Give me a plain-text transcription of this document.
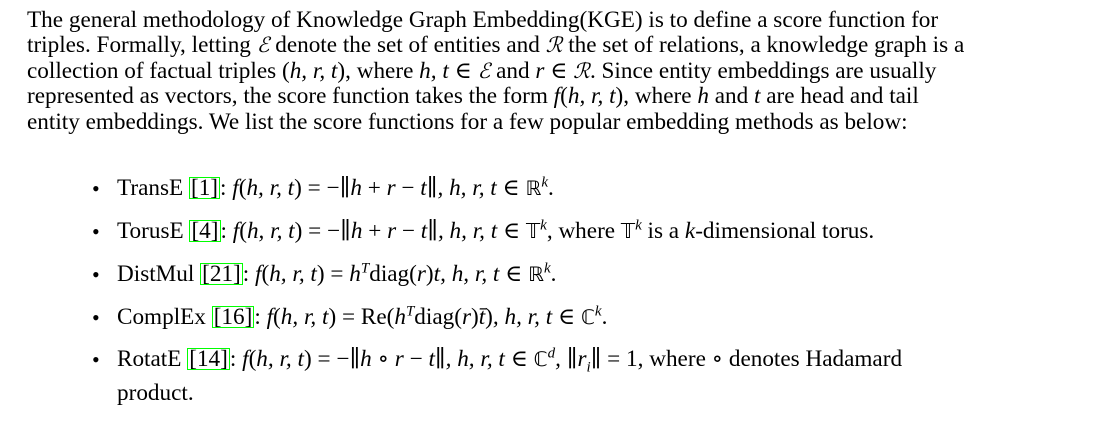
The general methodology of Knowledge Graph Embedding(KGE) is to define a score function for
triples. Formally, letting ℰ denote the set of entities and ℛ the set of relations, a knowledge graph is a
collection of factual triples (h, r, t), where h, t ∈ ℰ and r ∈ ℛ. Since entity embeddings are usually
represented as vectors, the score function takes the form f(h, r, t), where h and t are head and tail
entity embeddings. We list the score functions for a few popular embedding methods as below:

• TransE [1]: f(h, r, t) = −∥h + r − t∥, h, r, t ∈ ℝ$^k$.
• TorusE [4]: f(h, r, t) = −∥h + r − t∥, h, r, t ∈ 𝕋$^k$, where 𝕋$^k$ is a k-dimensional torus.
• DistMul [21]: f(h, r, $t) = h^Tdiag(r)t$, h, r, t ∈ ℝ$^k$.
• ComplEx [16]: f(h, r, $t) = Re(h^Tdiag(r)t̄)$, h, r, t ∈ ℂ$^k$.
• RotatE [14]: f(h, r, t) = −∥h ∘ r − t∥, h, r, t ∈ ℂ$^d$, $\parallel r_i\parallel = 1$, where ∘ denotes Hadamard
product.
